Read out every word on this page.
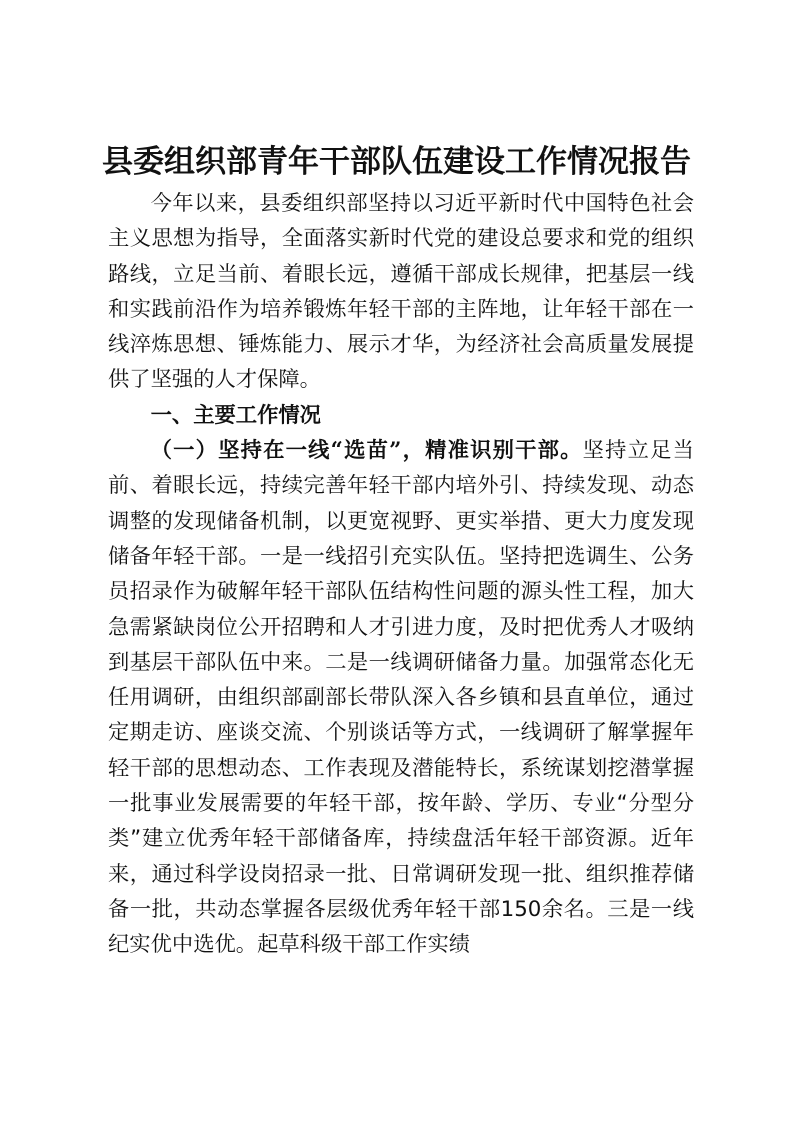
县委组织部青年干部队伍建设工作情况报告

今年以来，县委组织部坚持以习近平新时代中国特色社会主义思想为指导，全面落实新时代党的建设总要求和党的组织路线，立足当前、着眼长远，遵循干部成长规律，把基层一线和实践前沿作为培养锻炼年轻干部的主阵地，让年轻干部在一线淬炼思想、锤炼能力、展示才华，为经济社会高质量发展提供了坚强的人才保障。

一、主要工作情况

（一）坚持在一线“选苗”，精准识别干部。坚持立足当前、着眼长远，持续完善年轻干部内培外引、持续发现、动态调整的发现储备机制，以更宽视野、更实举措、更大力度发现储备年轻干部。一是一线招引充实队伍。坚持把选调生、公务员招录作为破解年轻干部队伍结构性问题的源头性工程，加大急需紧缺岗位公开招聘和人才引进力度，及时把优秀人才吸纳到基层干部队伍中来。二是一线调研储备力量。加强常态化无任用调研，由组织部副部长带队深入各乡镇和县直单位，通过定期走访、座谈交流、个别谈话等方式，一线调研了解掌握年轻干部的思想动态、工作表现及潜能特长，系统谋划挖潜掌握一批事业发展需要的年轻干部，按年龄、学历、专业“分型分类”建立优秀年轻干部储备库，持续盘活年轻干部资源。近年来，通过科学设岗招录一批、日常调研发现一批、组织推荐储备一批，共动态掌握各层级优秀年轻干部150余名。三是一线纪实优中选优。起草科级干部工作实绩
